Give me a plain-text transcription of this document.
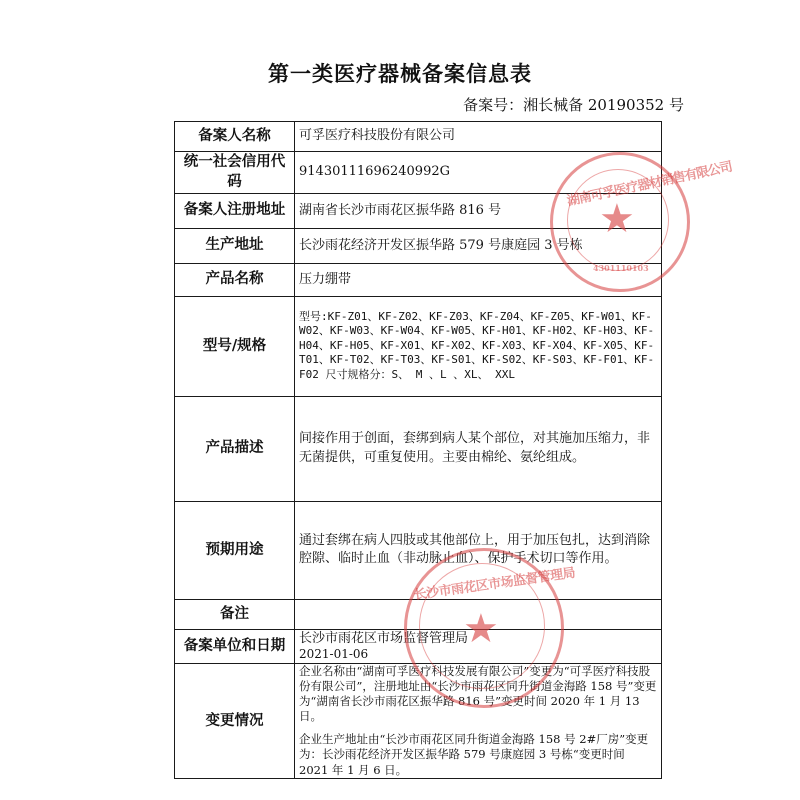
第一类医疗器械备案信息表
备案号：湘长械备 20190352 号
备案人名称	可孚医疗科技股份有限公司
统一社会信用代码	91430111696240992G
备案人注册地址	湖南省长沙市雨花区振华路 816 号
生产地址	长沙雨花经济开发区振华路 579 号康庭园 3 号栋
产品名称	压力绷带
型号/规格	型号:KF-Z01、KF-Z02、KF-Z03、KF-Z04、KF-Z05、KF-W01、KF-W02、KF-W03、KF-W04、KF-W05、KF-H01、KF-H02、KF-H03、KF-H04、KF-H05、KF-X01、KF-X02、KF-X03、KF-X04、KF-X05、KF-T01、KF-T02、KF-T03、KF-S01、KF-S02、KF-S03、KF-F01、KF-F02 尺寸规格分：S、 M 、L 、XL、 XXL
产品描述	间接作用于创面，套绑到病人某个部位，对其施加压缩力，非无菌提供，可重复使用。主要由棉纶、氨纶组成。
预期用途	通过套绑在病人四肢或其他部位上，用于加压包扎，达到消除腔隙、临时止血（非动脉止血）、保护手术切口等作用。
备注	
备案单位和日期	长沙市雨花区市场监督管理局
2021-01-06

变更情况	企业名称由“湖南可孚医疗科技发展有限公司”变更为“可孚医疗科技股份有限公司”，注册地址由“长沙市雨花区同升街道金海路 158 号”变更为“湖南省长沙市雨花区振华路 816 号”变更时间 2020 年 1 月 13 日。

企业生产地址由“长沙市雨花区同升街道金海路 158 号 2#厂房”变更为：长沙雨花经济开发区振华路 579 号康庭园 3 号栋“变更时间 2021 年 1 月 6 日。

★
湖南可孚医疗器材销售有限公司
4301110103
★
长沙市雨花区市场监督管理局
